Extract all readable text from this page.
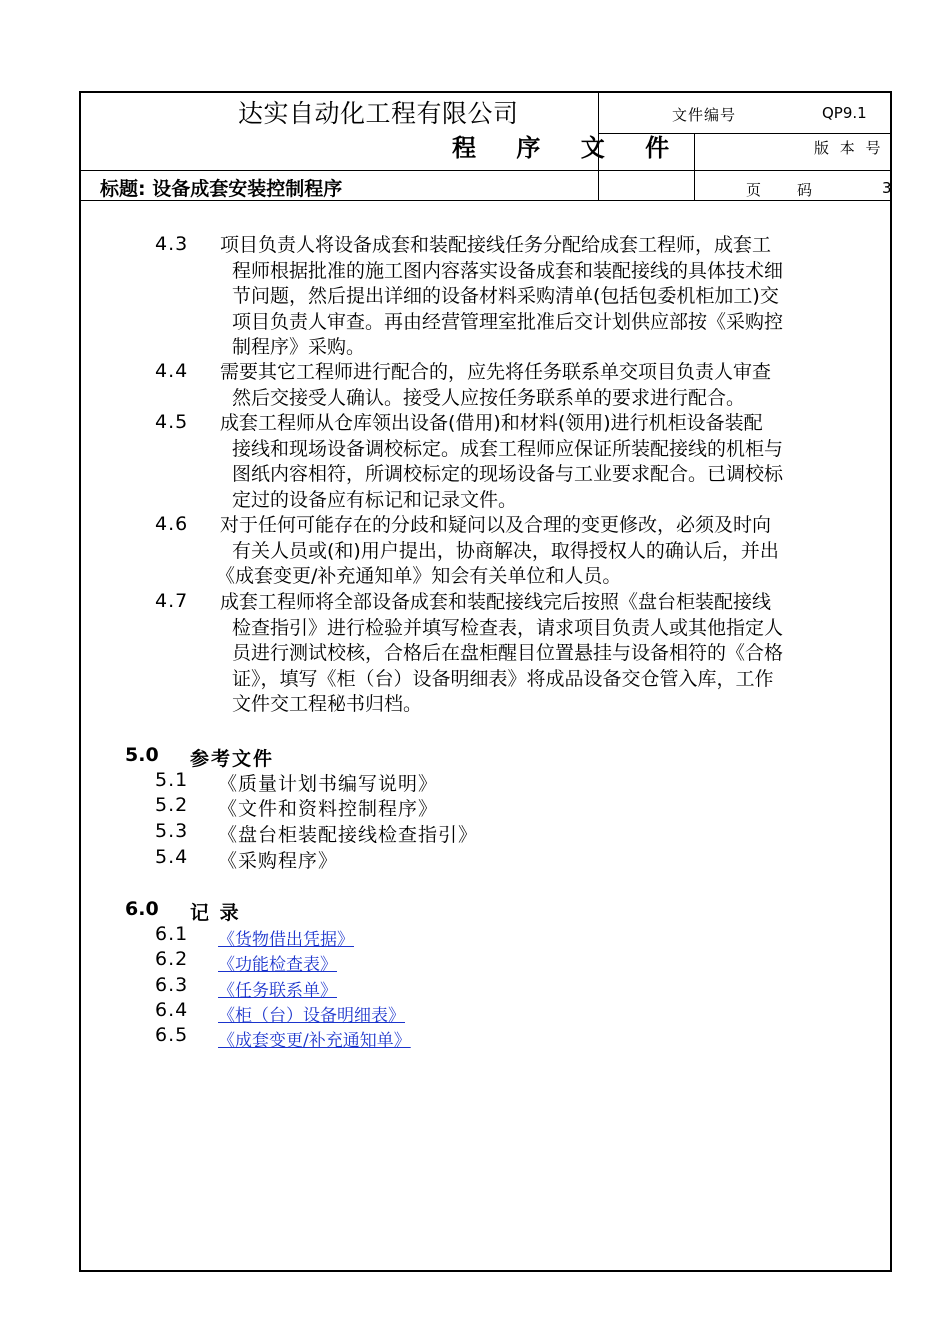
达实自动化工程有限公司
程 序 文 件
标题: 设备成套安装控制程序
文件编号	QP9.1
版 本 号
页　　码	3
4.3 项目负责人将设备成套和装配接线任务分配给成套工程师，成套工
程师根据批准的施工图内容落实设备成套和装配接线的具体技术细
节问题，然后提出详细的设备材料采购清单(包括包委机柜加工)交
项目负责人审查。再由经营管理室批准后交计划供应部按《采购控
制程序》采购。
4.4 需要其它工程师进行配合的，应先将任务联系单交项目负责人审查
然后交接受人确认。接受人应按任务联系单的要求进行配合。
4.5 成套工程师从仓库领出设备(借用)和材料(领用)进行机柜设备装配
接线和现场设备调校标定。成套工程师应保证所装配接线的机柜与
图纸内容相符，所调校标定的现场设备与工业要求配合。已调校标
定过的设备应有标记和记录文件。
4.6 对于任何可能存在的分歧和疑问以及合理的变更修改，必须及时向
有关人员或(和)用户提出，协商解决，取得授权人的确认后，并出
《成套变更/补充通知单》知会有关单位和人员。
4.7 成套工程师将全部设备成套和装配接线完后按照《盘台柜装配接线
检查指引》进行检验并填写检查表，请求项目负责人或其他指定人
员进行测试校核，合格后在盘柜醒目位置悬挂与设备相符的《合格
证》，填写《柜（台）设备明细表》将成品设备交仓管入库，工作
文件交工程秘书归档。
5.0 参考文件
5.1 《质量计划书编写说明》
5.2 《文件和资料控制程序》
5.3 《盘台柜装配接线检查指引》
5.4 《采购程序》
6.0 记 录
6.1 《货物借出凭据》
6.2 《功能检查表》
6.3 《任务联系单》
6.4 《柜（台）设备明细表》
6.5 《成套变更/补充通知单》
